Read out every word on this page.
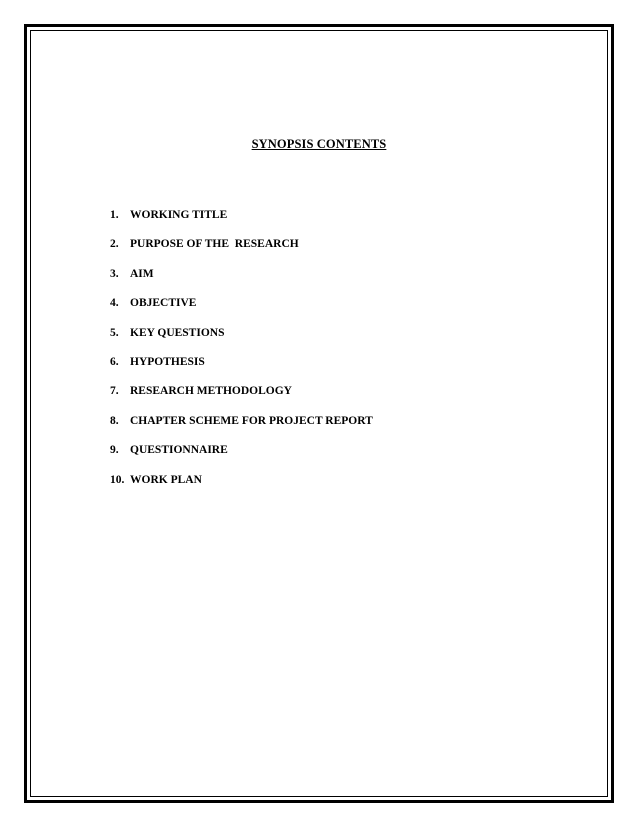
SYNOPSIS CONTENTS
1. WORKING TITLE
2. PURPOSE OF THE  RESEARCH
3. AIM
4. OBJECTIVE
5. KEY QUESTIONS
6. HYPOTHESIS
7. RESEARCH METHODOLOGY
8. CHAPTER SCHEME FOR PROJECT REPORT
9. QUESTIONNAIRE
10. WORK PLAN
